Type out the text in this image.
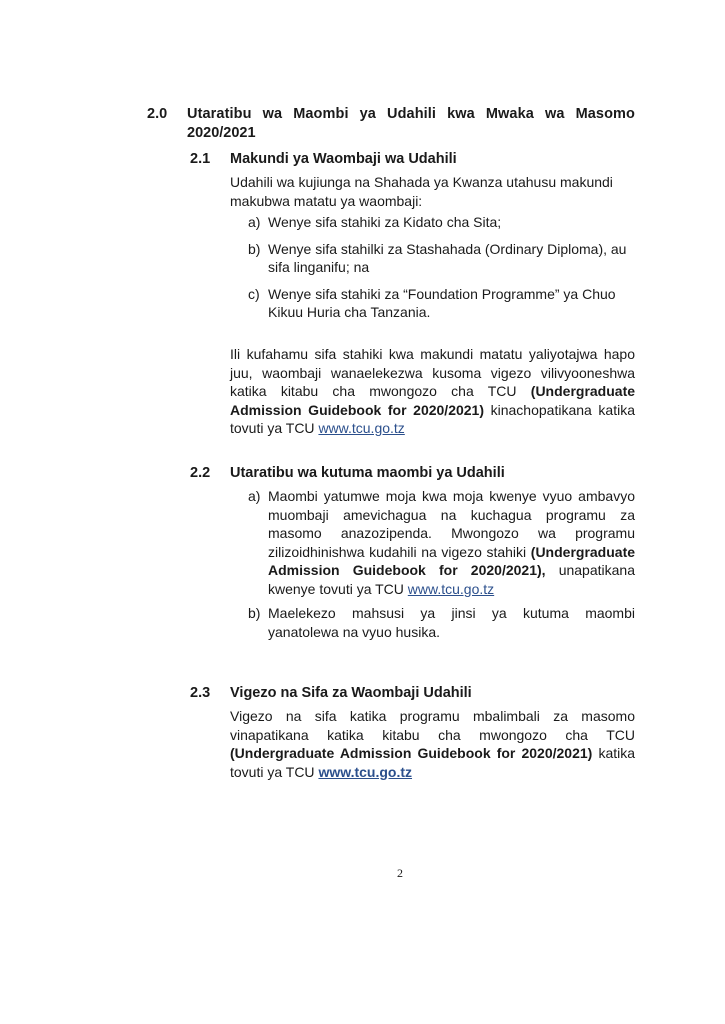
2.0 Utaratibu wa Maombi ya Udahili kwa Mwaka wa Masomo
2020/2021
2.1 Makundi ya Waombaji wa Udahili
Udahili wa kujiunga na Shahada ya Kwanza utahusu makundi makubwa matatu ya waombaji:
a) Wenye sifa stahiki za Kidato cha Sita;
b) Wenye sifa stahilki za Stashahada (Ordinary Diploma), au sifa linganifu; na
c) Wenye sifa stahiki za “Foundation Programme” ya Chuo Kikuu Huria cha Tanzania.
Ili kufahamu sifa stahiki kwa makundi matatu yaliyotajwa hapo juu, waombaji wanaelekezwa kusoma vigezo vilivyooneshwa katika kitabu cha mwongozo cha TCU (Undergraduate Admission Guidebook for 2020/2021) kinachopatikana katika tovuti ya TCU www.tcu.go.tz
2.2 Utaratibu wa kutuma maombi ya Udahili
a) Maombi yatumwe moja kwa moja kwenye vyuo ambavyo muombaji amevichagua na kuchagua programu za masomo anazozipenda. Mwongozo wa programu zilizoidhinishwa kudahili na vigezo stahiki (Undergraduate Admission Guidebook for 2020/2021), unapatikana kwenye tovuti ya TCU www.tcu.go.tz
b) Maelekezo mahsusi ya jinsi ya kutuma maombi yanatolewa na vyuo husika.
2.3 Vigezo na Sifa za Waombaji Udahili
Vigezo na sifa katika programu mbalimbali za masomo vinapatikana katika kitabu cha mwongozo cha TCU (Undergraduate Admission Guidebook for 2020/2021) katika tovuti ya TCU www.tcu.go.tz
2
